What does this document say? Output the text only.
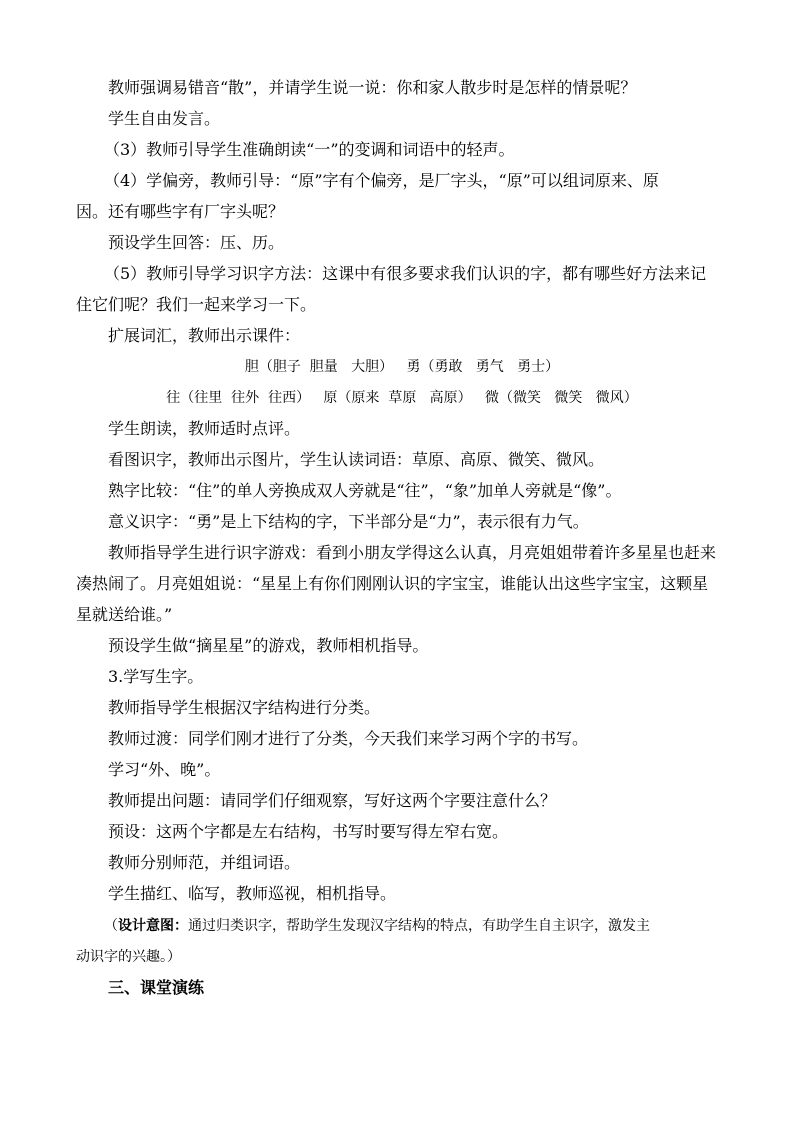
教师强调易错音“散”，并请学生说一说：你和家人散步时是怎样的情景呢？
学生自由发言。
（3）教师引导学生准确朗读“一”的变调和词语中的轻声。
（4）学偏旁，教师引导：“原”字有个偏旁，是厂字头，“原”可以组词原来、原
因。还有哪些字有厂字头呢？
预设学生回答：压、历。
（5）教师引导学习识字方法：这课中有很多要求我们认识的字，都有哪些好方法来记
住它们呢？我们一起来学习一下。
扩展词汇，教师出示课件：
胆（胆子  胆量   大胆）   勇（勇敢   勇气   勇士）
往（往里  往外  往西）   原（原来  草原   高原）   微（微笑   微笑   微风）
学生朗读，教师适时点评。
看图识字，教师出示图片，学生认读词语：草原、高原、微笑、微风。
熟字比较：“住”的单人旁换成双人旁就是“往”，“象”加单人旁就是“像”。
意义识字：“勇”是上下结构的字，下半部分是“力”，表示很有力气。
教师指导学生进行识字游戏：看到小朋友学得这么认真，月亮姐姐带着许多星星也赶来
凑热闹了。月亮姐姐说：“星星上有你们刚刚认识的字宝宝，谁能认出这些字宝宝，这颗星
星就送给谁。”
预设学生做“摘星星”的游戏，教师相机指导。
3.学写生字。
教师指导学生根据汉字结构进行分类。
教师过渡：同学们刚才进行了分类，今天我们来学习两个字的书写。
学习“外、晚”。
教师提出问题：请同学们仔细观察，写好这两个字要注意什么？
预设：这两个字都是左右结构，书写时要写得左窄右宽。
教师分别师范，并组词语。
学生描红、临写，教师巡视，相机指导。
（设计意图：通过归类识字，帮助学生发现汉字结构的特点，有助学生自主识字，激发主
动识字的兴趣。）
三、课堂演练
